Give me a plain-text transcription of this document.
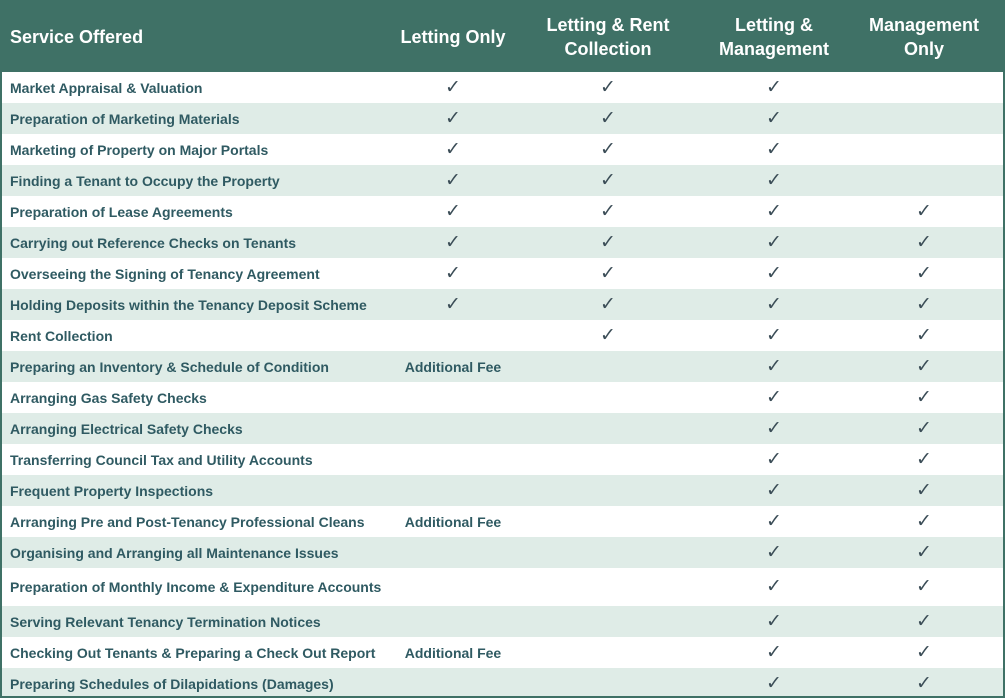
Service Offered	Letting Only	Letting & Rent Collection	Letting & Management	Management Only
Market Appraisal & Valuation	✓	✓	✓	
Preparation of Marketing Materials	✓	✓	✓	
Marketing of Property on Major Portals	✓	✓	✓	
Finding a Tenant to Occupy the Property	✓	✓	✓	
Preparation of Lease Agreements	✓	✓	✓	✓
Carrying out Reference Checks on Tenants	✓	✓	✓	✓
Overseeing the Signing of Tenancy Agreement	✓	✓	✓	✓
Holding Deposits within the Tenancy Deposit Scheme	✓	✓	✓	✓
Rent Collection		✓	✓	✓
Preparing an Inventory & Schedule of Condition	Additional Fee		✓	✓
Arranging Gas Safety Checks			✓	✓
Arranging Electrical Safety Checks			✓	✓
Transferring Council Tax and Utility Accounts			✓	✓
Frequent Property Inspections			✓	✓
Arranging Pre and Post-Tenancy Professional Cleans	Additional Fee		✓	✓
Organising and Arranging all Maintenance Issues			✓	✓
Preparation of Monthly Income & Expenditure Accounts			✓	✓
Serving Relevant Tenancy Termination Notices			✓	✓
Checking Out Tenants & Preparing a Check Out Report	Additional Fee		✓	✓
Preparing Schedules of Dilapidations (Damages)			✓	✓
